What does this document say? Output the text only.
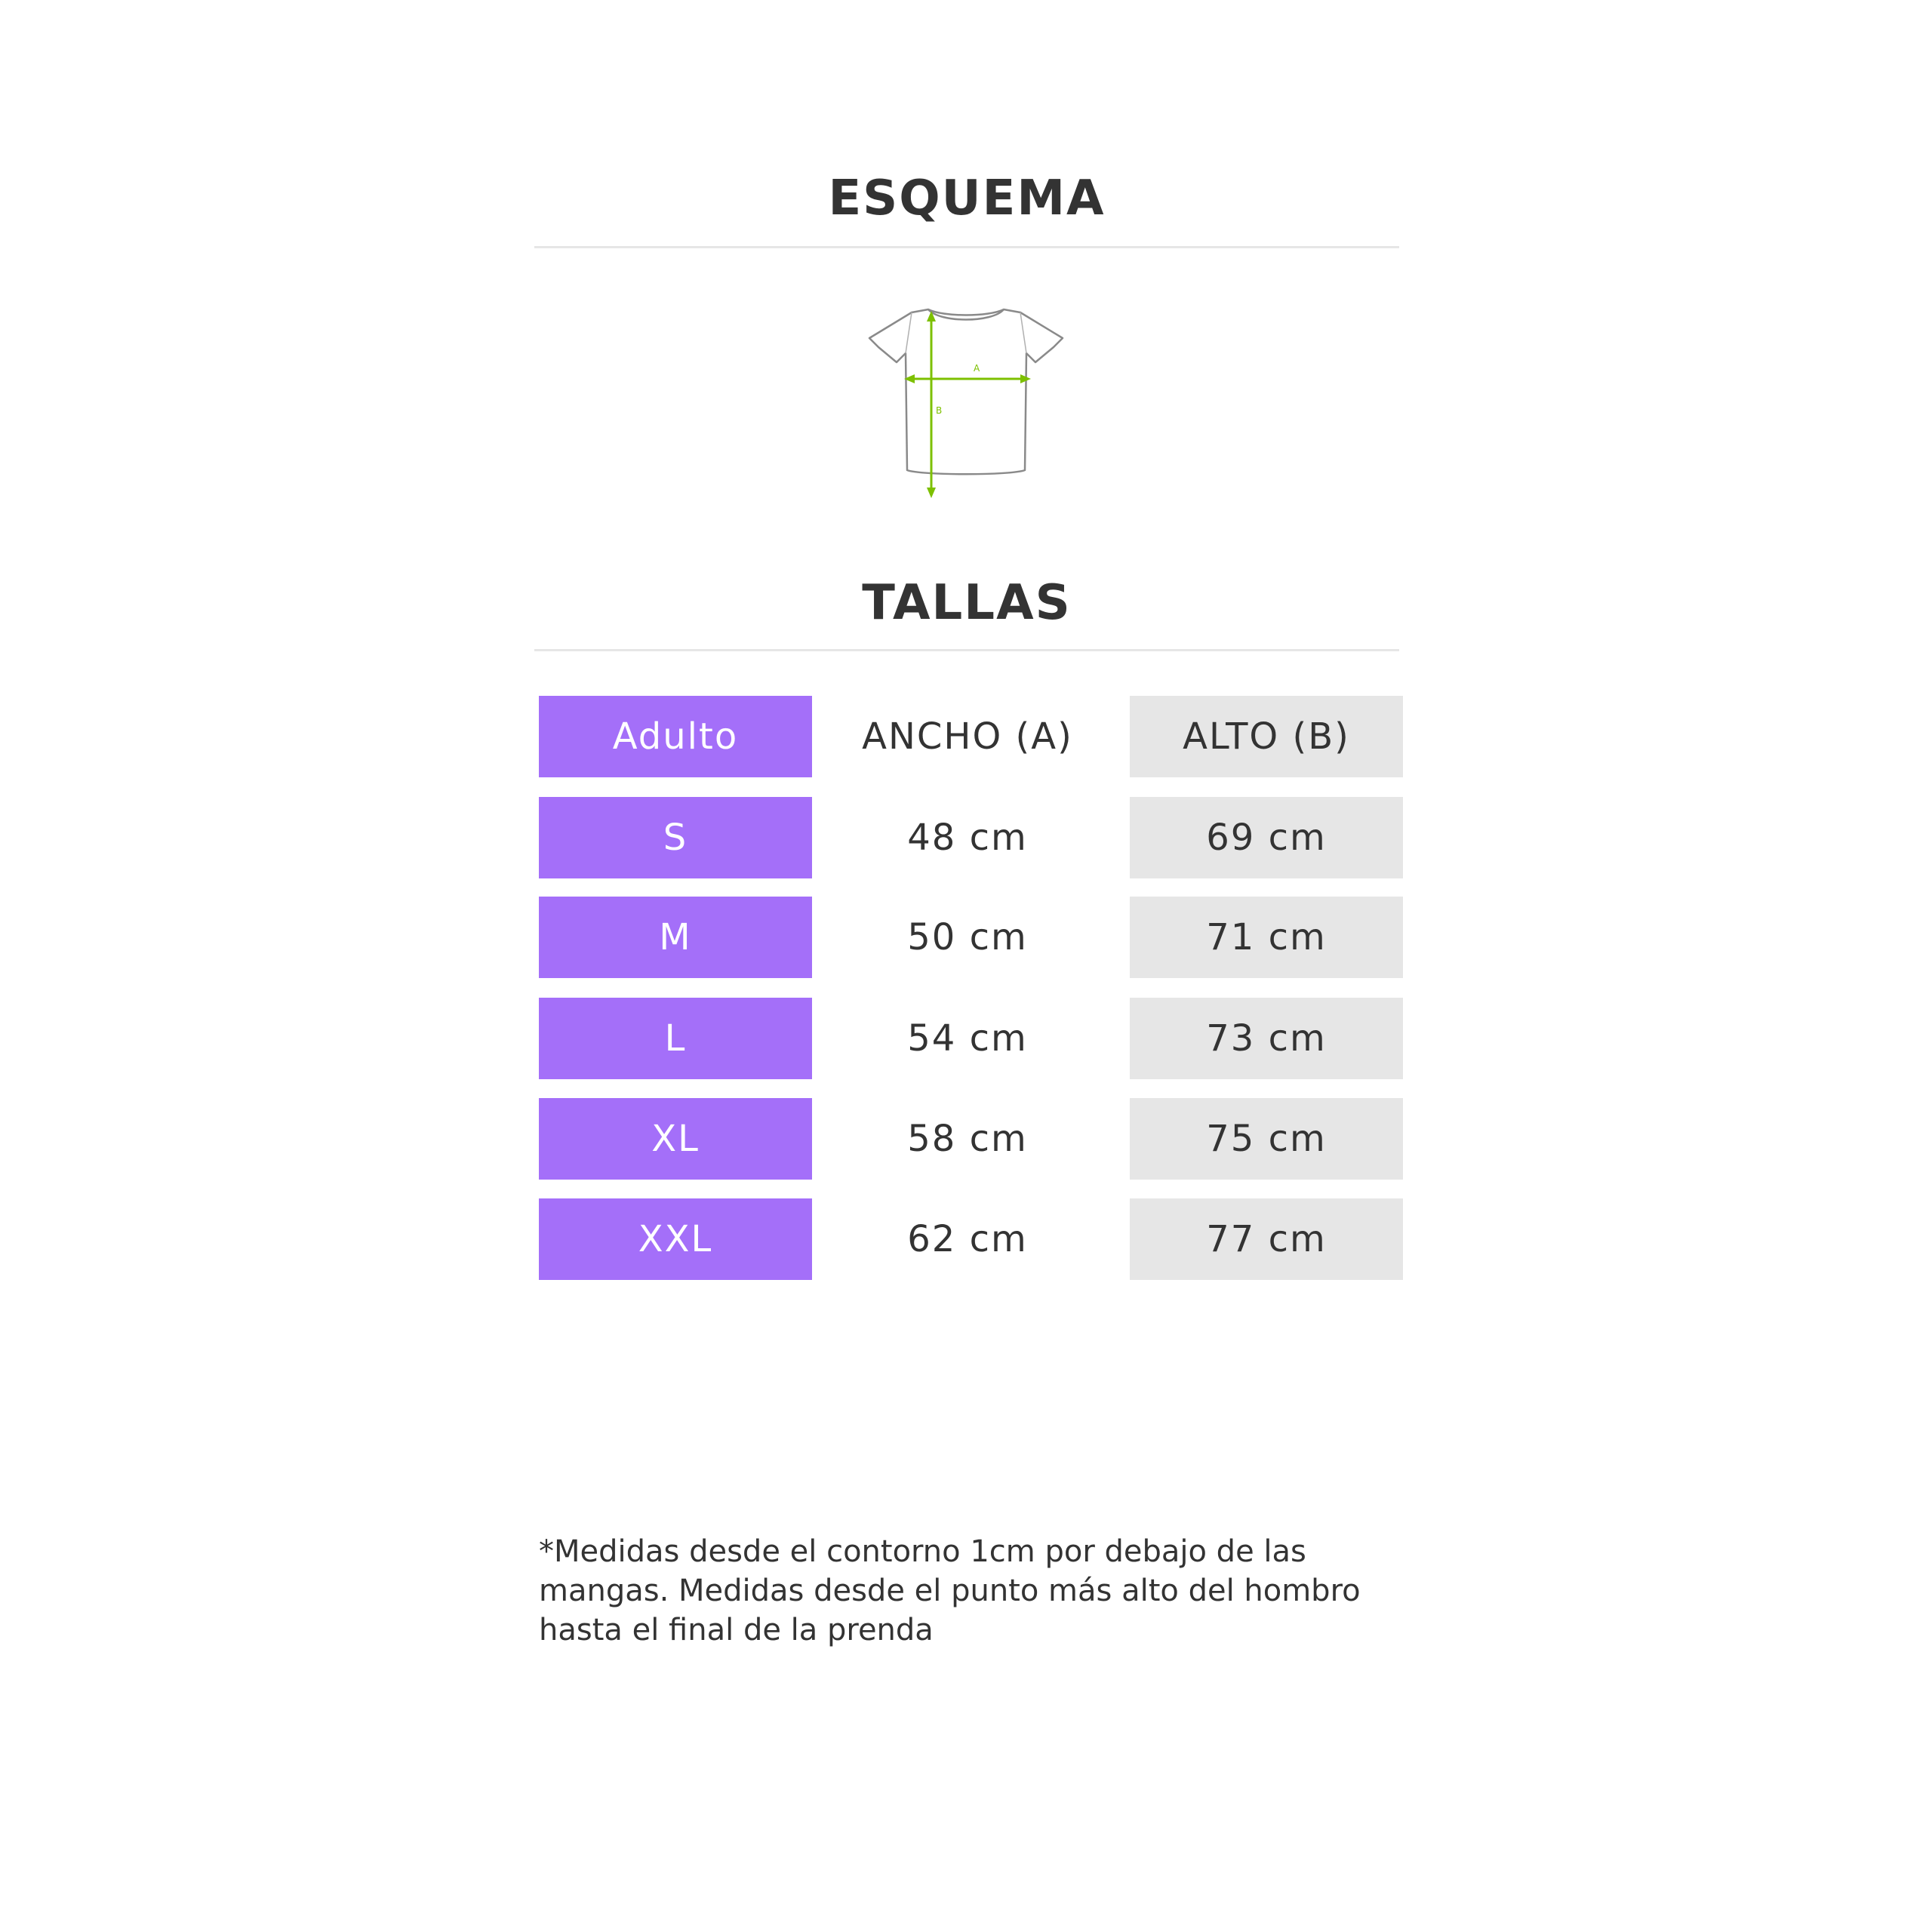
ESQUEMA
A
B
TALLAS
Adulto	ANCHO (A)	ALTO (B)
S	48 cm	69 cm
M	50 cm	71 cm
L	54 cm	73 cm
XL	58 cm	75 cm
XXL	62 cm	77 cm

*Medidas desde el contorno 1cm por debajo de las mangas. Medidas desde el punto más alto del hombro hasta el final de la prenda
